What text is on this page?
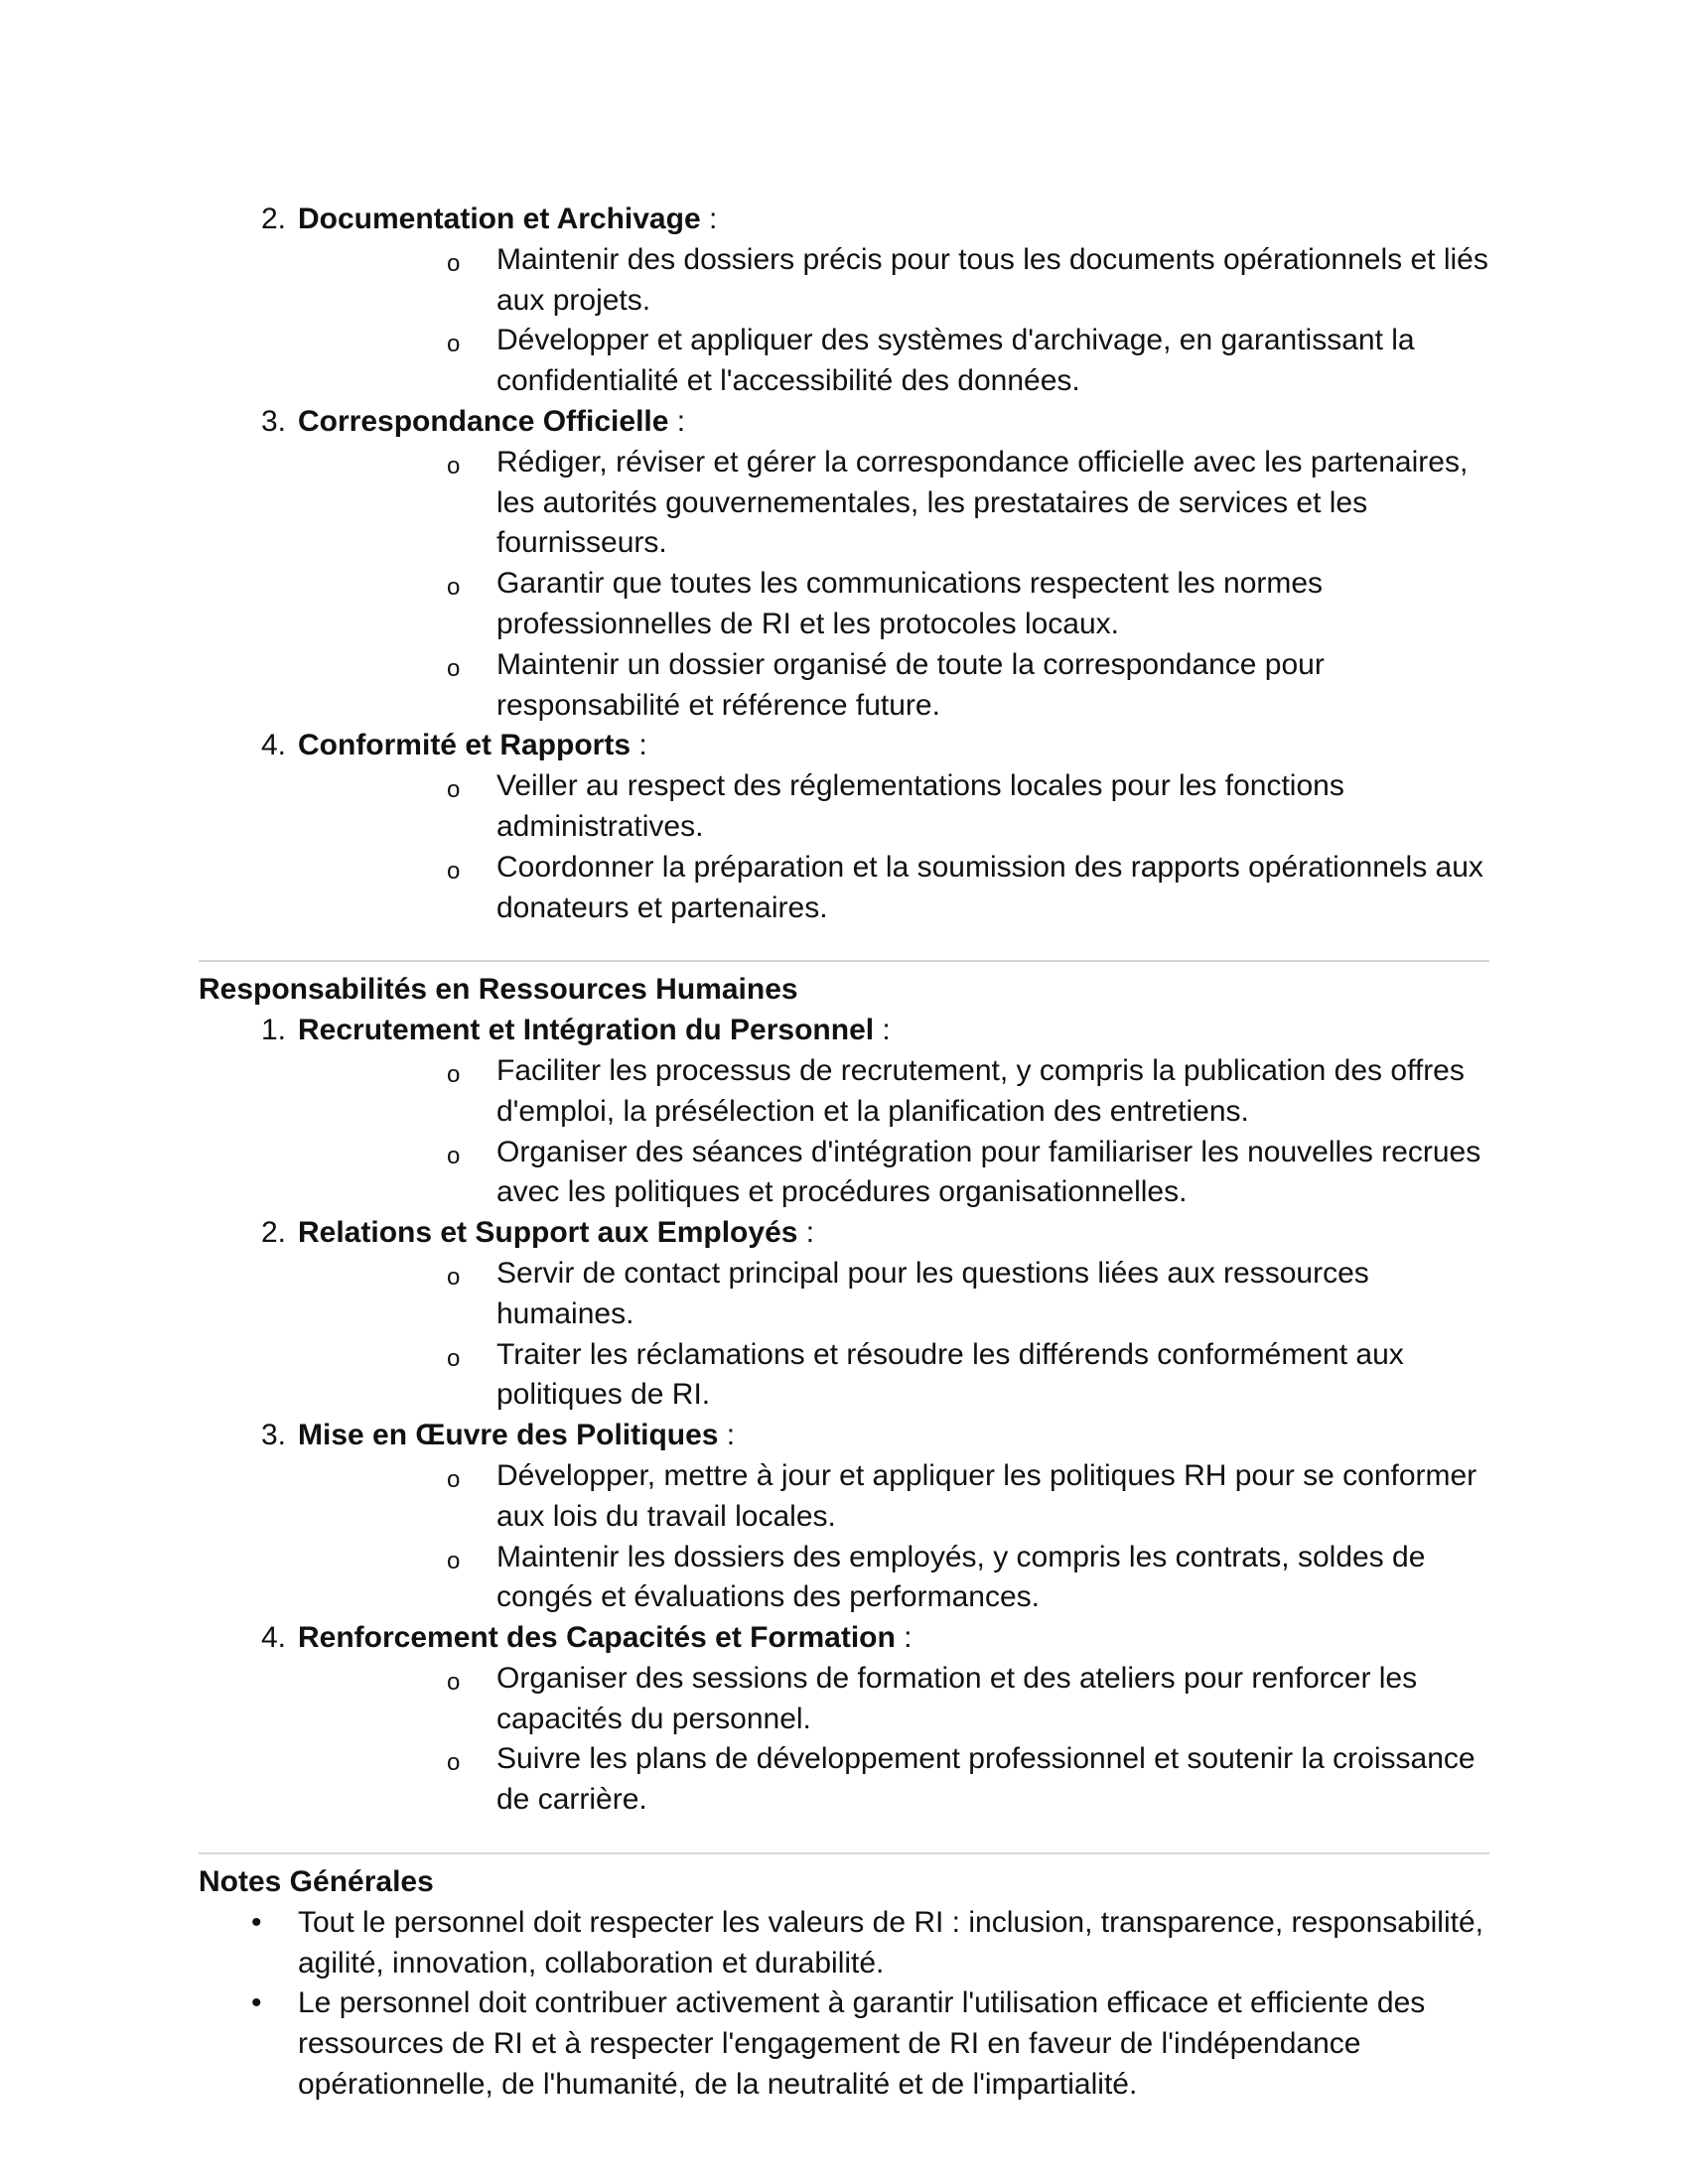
2. Documentation et Archivage :
o Maintenir des dossiers précis pour tous les documents opérationnels et liés aux projets.
o Développer et appliquer des systèmes d'archivage, en garantissant la confidentialité et l'accessibilité des données.
3. Correspondance Officielle :
o Rédiger, réviser et gérer la correspondance officielle avec les partenaires, les autorités gouvernementales, les prestataires de services et les fournisseurs.
o Garantir que toutes les communications respectent les normes professionnelles de RI et les protocoles locaux.
o Maintenir un dossier organisé de toute la correspondance pour responsabilité et référence future.
4. Conformité et Rapports :
o Veiller au respect des réglementations locales pour les fonctions administratives.
o Coordonner la préparation et la soumission des rapports opérationnels aux donateurs et partenaires.
Responsabilités en Ressources Humaines
1. Recrutement et Intégration du Personnel :
o Faciliter les processus de recrutement, y compris la publication des offres d'emploi, la présélection et la planification des entretiens.
o Organiser des séances d'intégration pour familiariser les nouvelles recrues avec les politiques et procédures organisationnelles.
2. Relations et Support aux Employés :
o Servir de contact principal pour les questions liées aux ressources humaines.
o Traiter les réclamations et résoudre les différends conformément aux politiques de RI.
3. Mise en Œuvre des Politiques :
o Développer, mettre à jour et appliquer les politiques RH pour se conformer aux lois du travail locales.
o Maintenir les dossiers des employés, y compris les contrats, soldes de congés et évaluations des performances.
4. Renforcement des Capacités et Formation :
o Organiser des sessions de formation et des ateliers pour renforcer les capacités du personnel.
o Suivre les plans de développement professionnel et soutenir la croissance de carrière.
Notes Générales
• Tout le personnel doit respecter les valeurs de RI : inclusion, transparence, responsabilité, agilité, innovation, collaboration et durabilité.
• Le personnel doit contribuer activement à garantir l'utilisation efficace et efficiente des ressources de RI et à respecter l'engagement de RI en faveur de l'indépendance opérationnelle, de l'humanité, de la neutralité et de l'impartialité.
